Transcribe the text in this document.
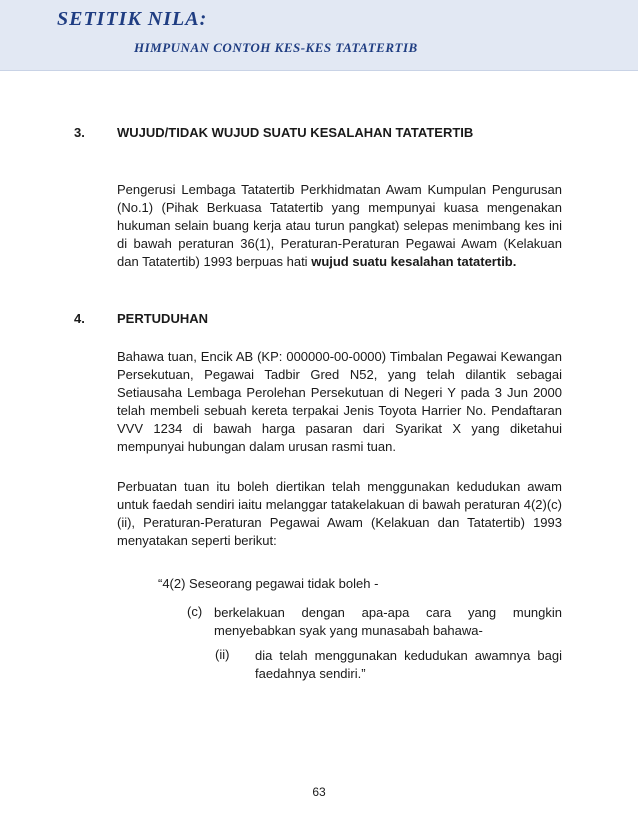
SETITIK NILA:
HIMPUNAN CONTOH KES-KES TATATERTIB
3. WUJUD/TIDAK WUJUD SUATU KESALAHAN TATATERTIB

Pengerusi Lembaga Tatatertib Perkhidmatan Awam Kumpulan Pengurusan (No.1) (Pihak Berkuasa Tatatertib yang mempunyai kuasa mengenakan hukuman selain buang kerja atau turun pangkat) selepas menimbang kes ini di bawah peraturan 36(1), Peraturan-Peraturan Pegawai Awam (Kelakuan dan Tatatertib) 1993 berpuas hati wujud suatu kesalahan tatatertib.

4. PERTUDUHAN

Bahawa tuan, Encik AB (KP: 000000-00-0000) Timbalan Pegawai Kewangan Persekutuan, Pegawai Tadbir Gred N52, yang telah dilantik sebagai Setiausaha Lembaga Perolehan Persekutuan di Negeri Y pada 3 Jun 2000 telah membeli sebuah kereta terpakai Jenis Toyota Harrier No. Pendaftaran VVV 1234 di bawah harga pasaran dari Syarikat X yang diketahui mempunyai hubungan dalam urusan rasmi tuan.

Perbuatan tuan itu boleh diertikan telah menggunakan kedudukan awam untuk faedah sendiri iaitu melanggar tatakelakuan di bawah peraturan 4(2)(c)(ii), Peraturan-Peraturan Pegawai Awam (Kelakuan dan Tatatertib) 1993 menyatakan seperti berikut:

“4(2) Seseorang pegawai tidak boleh -
(c) berkelakuan dengan apa-apa cara yang mungkin menyebabkan syak yang munasabah bahawa-

(ii) dia telah menggunakan kedudukan awamnya bagi faedahnya sendiri.”

63
